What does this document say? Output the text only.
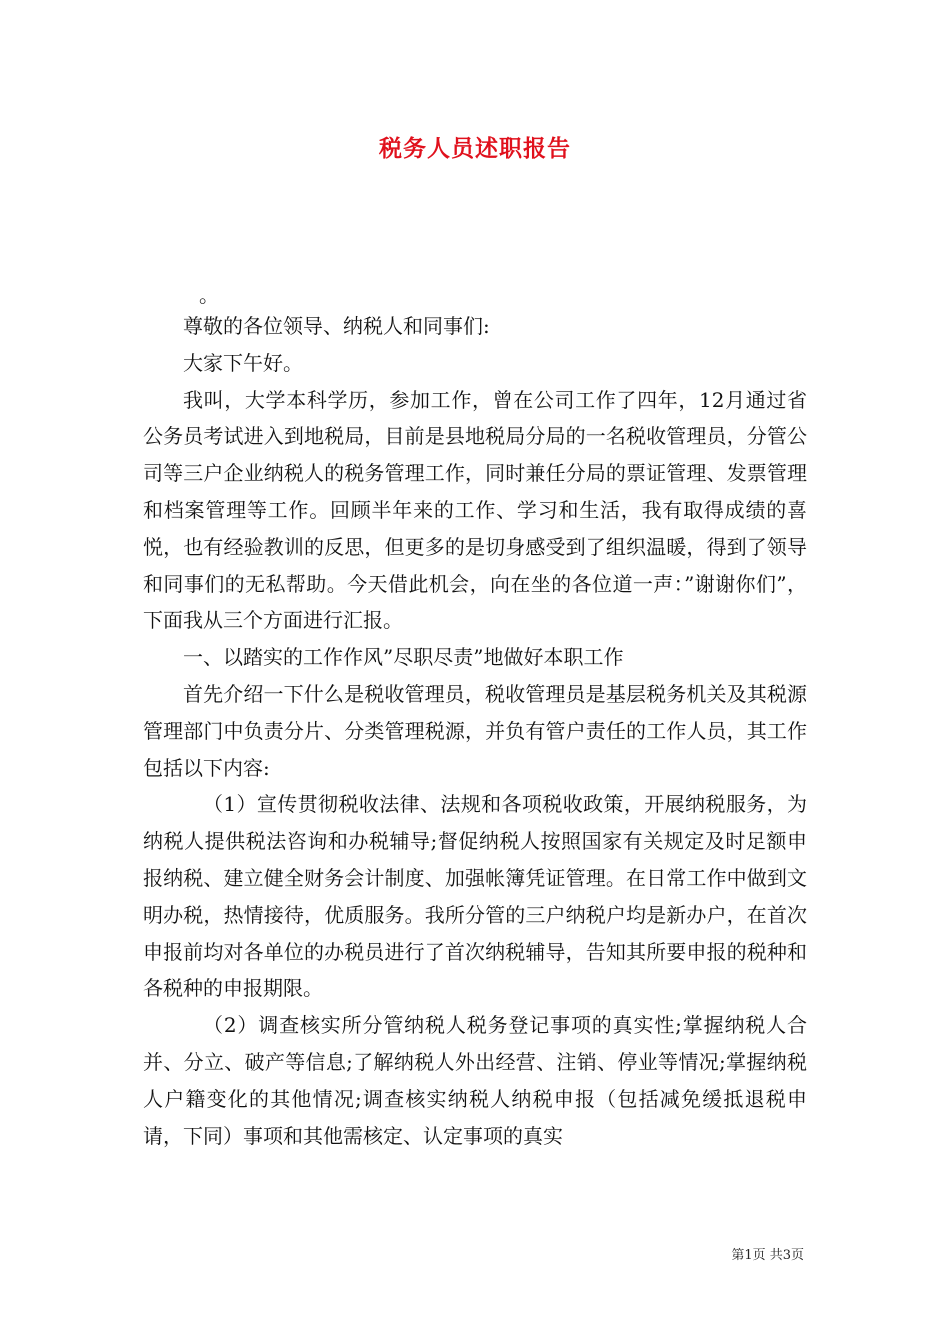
税务人员述职报告
。

尊敬的各位领导、纳税人和同事们:

大家下午好。

我叫，大学本科学历，参加工作，曾在公司工作了四年，12月通过省公务员考试进入到地税局，目前是县地税局分局的一名税收管理员，分管公司等三户企业纳税人的税务管理工作，同时兼任分局的票证管理、发票管理和档案管理等工作。回顾半年来的工作、学习和生活，我有取得成绩的喜悦，也有经验教训的反思，但更多的是切身感受到了组织温暖，得到了领导和同事们的无私帮助。今天借此机会，向在坐的各位道一声：”谢谢你们”，下面我从三个方面进行汇报。

一、以踏实的工作作风”尽职尽责”地做好本职工作

首先介绍一下什么是税收管理员，税收管理员是基层税务机关及其税源管理部门中负责分片、分类管理税源，并负有管户责任的工作人员，其工作包括以下内容:

（1）宣传贯彻税收法律、法规和各项税收政策，开展纳税服务，为纳税人提供税法咨询和办税辅导;督促纳税人按照国家有关规定及时足额申报纳税、建立健全财务会计制度、加强帐簿凭证管理。在日常工作中做到文明办税，热情接待，优质服务。我所分管的三户纳税户均是新办户，在首次申报前均对各单位的办税员进行了首次纳税辅导，告知其所要申报的税种和各税种的申报期限。

（2）调查核实所分管纳税人税务登记事项的真实性;掌握纳税人合并、分立、破产等信息;了解纳税人外出经营、注销、停业等情况;掌握纳税人户籍变化的其他情况;调查核实纳税人纳税申报（包括减免缓抵退税申请，下同）事项和其他需核定、认定事项的真实

第1页 共3页
